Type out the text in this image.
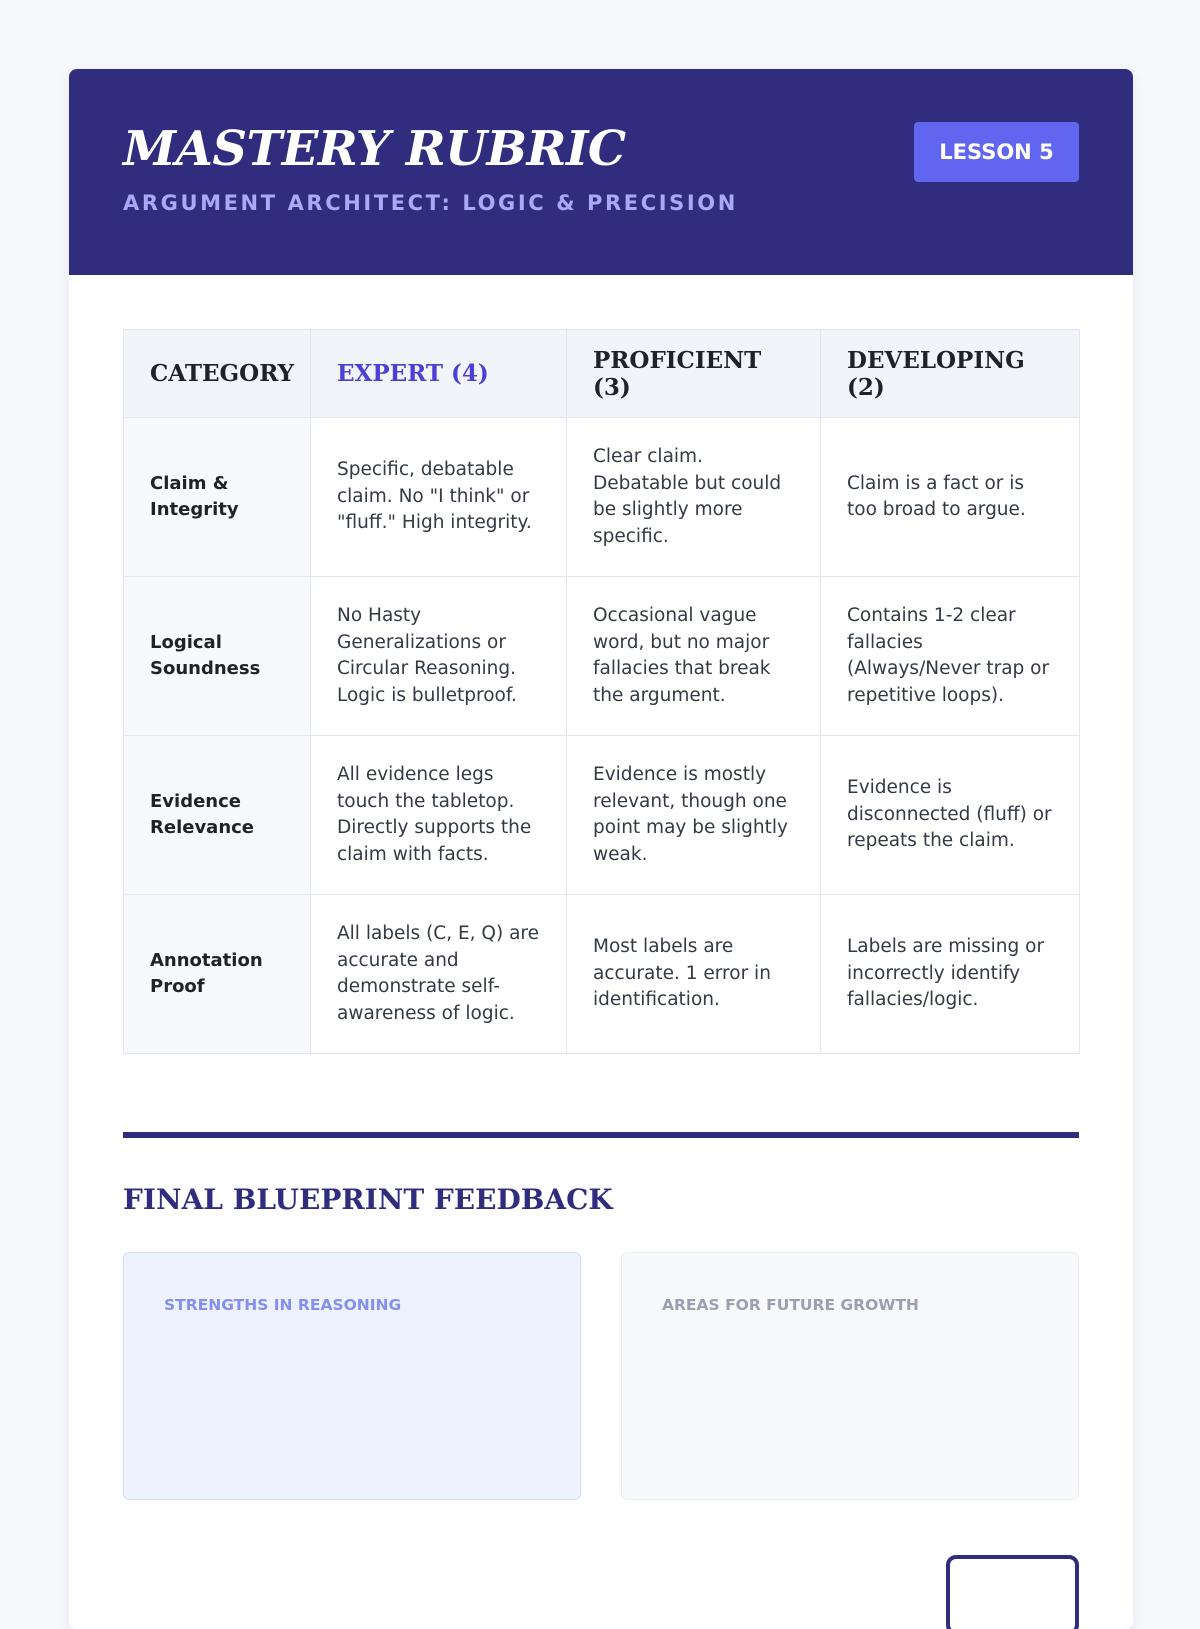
MASTERY RUBRIC
ARGUMENT ARCHITECT: LOGIC & PRECISION
LESSON 5
CATEGORY	EXPERT (4)	PROFICIENT (3)	DEVELOPING (2)
Claim & Integrity	Specific, debatable claim. No "I think" or "fluff." High integrity.	Clear claim. Debatable but could be slightly more specific.	Claim is a fact or is too broad to argue.
Logical Soundness	No Hasty Generalizations or Circular Reasoning. Logic is bulletproof.	Occasional vague word, but no major fallacies that break the argument.	Contains 1-2 clear fallacies (Always/Never trap or repetitive loops).
Evidence Relevance	All evidence legs touch the tabletop. Directly supports the claim with facts.	Evidence is mostly relevant, though one point may be slightly weak.	Evidence is disconnected (fluff) or repeats the claim.
Annotation Proof	All labels (C, E, Q) are accurate and demonstrate self-awareness of logic.	Most labels are accurate. 1 error in identification.	Labels are missing or incorrectly identify fallacies/logic.
FINAL BLUEPRINT FEEDBACK
STRENGTHS IN REASONING	AREAS FOR FUTURE GROWTH
